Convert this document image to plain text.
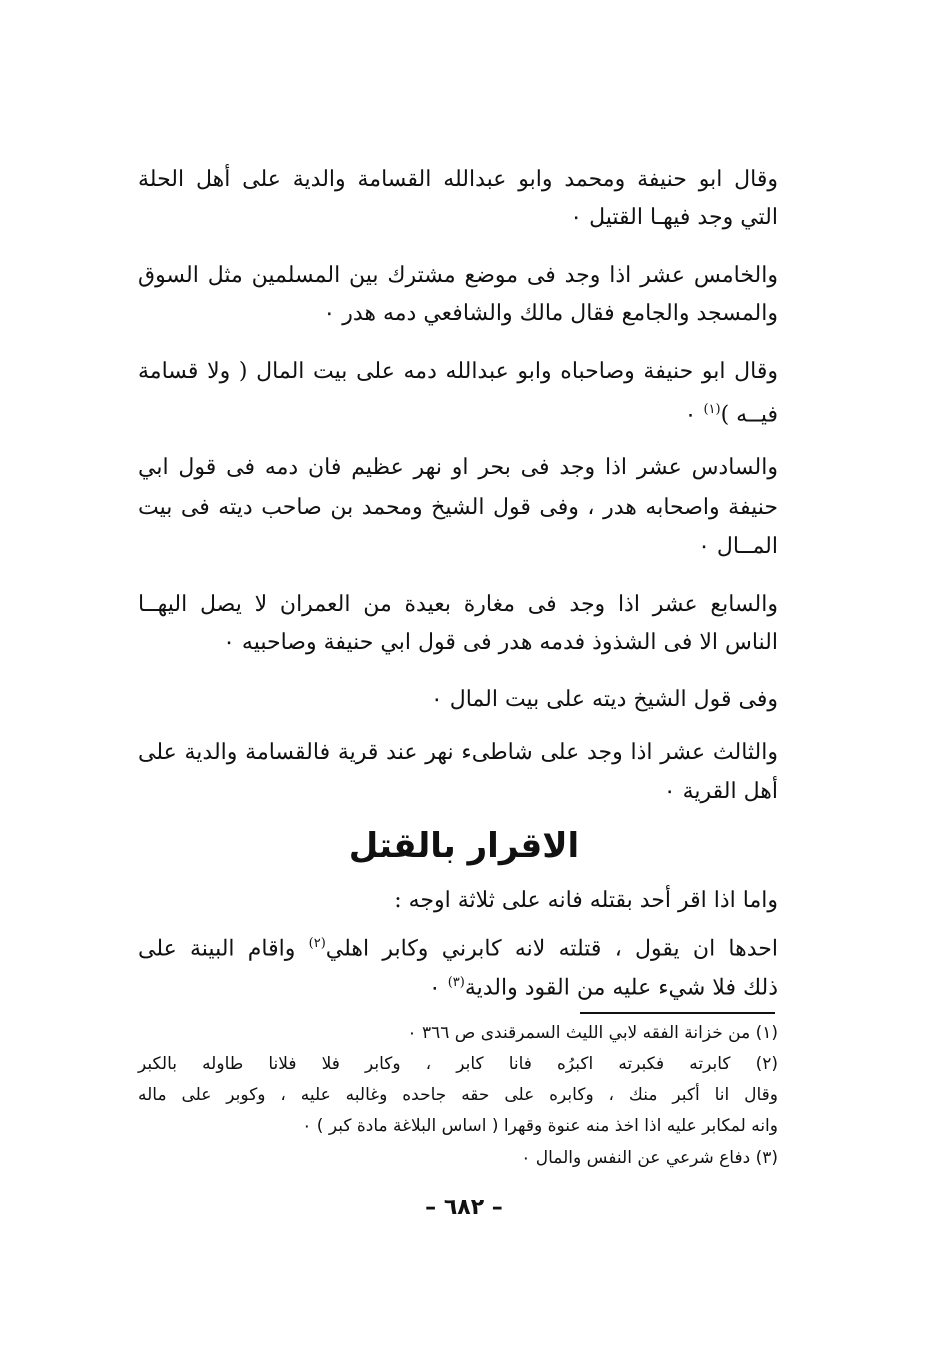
وقال ابو حنيفة ومحمد وابو عبدالله القسامة والدية على أهل الحلة
التي وجد فيهـا القتيل ٠
والخامس عشر اذا وجد فى موضع مشترك بين المسلمين مثل السوق
والمسجد والجامع فقال مالك والشافعي دمه هدر ٠
وقال ابو حنيفة وصاحباه وابو عبدالله دمه على بيت المال ( ولا قسامة
فيــه )$^{(١)}$ ٠
والسادس عشر اذا وجد فى بحر او نهر عظيم فان دمه فى قول ابي
حنيفة واصحابه هدر ، وفى قول الشيخ ومحمد بن صاحب ديته فى بيت
المــال ٠
والسابع عشر اذا وجد فى مغارة بعيدة من العمران لا يصل اليهــا
الناس الا فى الشذوذ فدمه هدر فى قول ابي حنيفة وصاحبيه ٠
وفى قول الشيخ ديته على بيت المال ٠
والثالث عشر اذا وجد على شاطىء نهر عند قرية فالقسامة والدية على
أهل القرية ٠
الاقرار بالقتل
واما اذا اقر أحد بقتله فانه على ثلاثة اوجه :
احدها ان يقول ، قتلته لانه كابرني وكابر اهلي$^{(٢)}$ واقام البينة على
ذلك فلا شيء عليه من القود والدية$^{(٣)}$ ٠
(١) من خزانة الفقه لابي الليث السمرقندى ص ٣٦٦ ٠
(٢) كابرته فكبرته اكبرُه فانا كابر ، وكابر فلا فلانا طاوله بالكبر
وقال انا أكبر منك ، وكابره على حقه جاحده وغالبه عليه ، وكوبر على ماله
وانه لمكابر عليه اذا اخذ منه عنوة وقهرا ( اساس البلاغة مادة كبر ) ٠
(٣) دفاع شرعي عن النفس والمال ٠
– ٦٨٢ –
